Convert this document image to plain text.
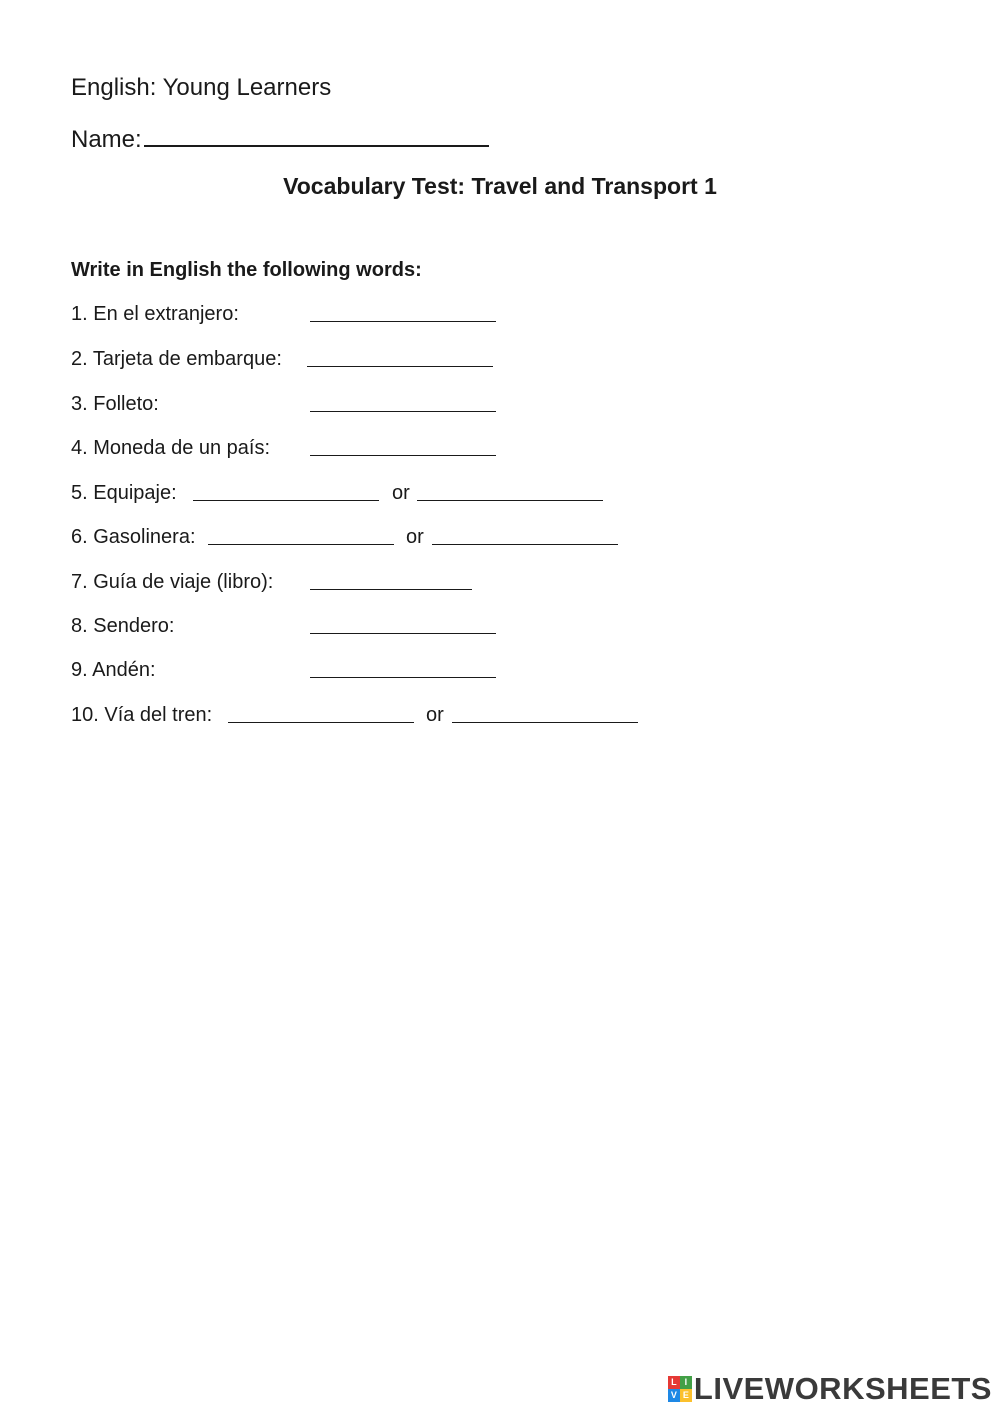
English: Young Learners
Name:
Vocabulary Test: Travel and Transport 1
Write in English the following words:
1. En el extranjero:
2. Tarjeta de embarque:
3. Folleto:
4. Moneda de un país:
5. Equipaje:	or
6. Gasolinera:	or
7. Guía de viaje (libro):
8. Sendero:
9. Andén:
10. Vía del tren:	or
L I
V E LIVEWORKSHEETS
